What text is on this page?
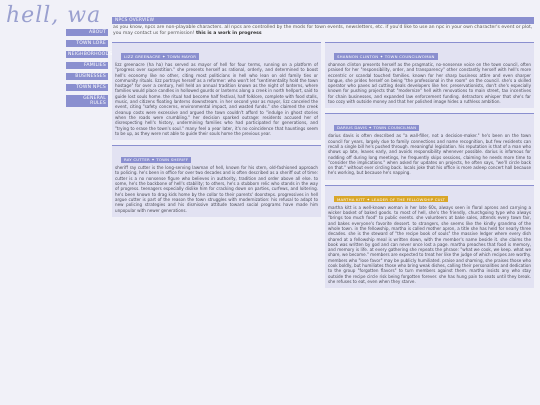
hell, wa
ABOUT
TOWN LORE
NEIGHBORHOODS
FAMILIES
BUSINESSES
TOWN NPCS
GENERAL RULES
NPCS OVERVIEW

as you know, npcs are non-playable characters. all npcs are controlled by the mods for town events, newsletters, etc. if you'd like to use an npc in your own character's event or plot, you may contact us for permission! this is a work in progress

LIZZ GREENACRE ✦ TOWN MAYOR

lizz greenacre (ha ha) has served as mayor of hell for four terms, running on a platform of "progress over superstition." she presents herself as rational, orderly, and determined to boost hell's economy like no other, citing most politicians in hell who lean on old family ties or community rituals. lizz portrays herself as a reformer: who won't let "sentimentality hold the town hostage" for over a century, hell held an annual tradition known as the night of lanterns, where families would place candles in hollowed gourds or lanterns along a creek in north hellport, said to guide lost souls home. the ritual had become half festival, half folklore, complete with food stalls, music, and citizens floating lanterns downstream. in her second year as mayor, lizz canceled the event, citing "safety concerns, environmental impact, and wasted funds." she claimed the creek cleanup costs were excessive and argued the town couldn't afford to "indulge in ghost stories when the roads were crumbling." her decision sparked outrage: residents accused her of disrespecting hell's history, undermining families who had participated for generations, and "trying to erase the town's soul." many feel a year later, it's no coincidence that hauntings seem to be up, as they were not able to guide their souls home the previous year.

RAY CUTTER ✦ TOWN SHERIFF

sheriff ray cutter is the long-serving lawman of hell, known for his stern, old-fashioned approach to policing. he's been in office for over two decades and is often described as a sheriff out of time: cutter is a no nonsense figure who believes in authority, tradition and order above all else. to some, he's the backbone of hell's stability; to others, he's a stubborn relic who stands in the way of progress. teenagers especially dislike him for cracking down on parties, curfews, and loitering. he's been known to drag kids home by the collar to their parents' doorsteps. progressives in hell argue cutter is part of the reason the town struggles with modernization: his refusal to adapt to new policing strategies and his dismissive attitude toward social programs have made him unpopular with newer generations.

SHANNON CLINTON ✦ TOWN COUNCILWOMAN

shannon clinton presents herself as the pragmatic, no-nonsense voice on the town council, often praised for her "responsibility, order, and transparency" other constantly herself with hell's more eccentric or scandal touched families. known for her sharp business attire and even sharper tongue, she prides herself on being "the professional in the room" on the council. she's a skilled operator who paves ad cutting deals developers like her. preservationists, don't she's especially known for pushing projects that "modernize" hell with renovations to main street, tax incentives for chain businesses, and expanded law enforcement funding. detractors whisper that she's far too cozy with outside money and that her polished image hides a ruthless ambition.

DARIUS DAVIS ✦ TOWN COUNCILMAN

darius davis is often described as "a wall-filler, not a decision-maker." he's been on the town council for years, largely due to family connections and name recognition, but few residents can recall a single bill he's pushed through. meaningful legislation. his reputation is that of a man who shows up late, leaves early, and avoids responsibility whenever possible. darius is infamous for nodding off during long meetings, he frequently skips sessions, claiming he needs more time to "consider the implications." when asked for updates on projects, he often says, "we'll circle back on that." without ever circling back. locals joke that his office is more asleep concert hall because he's working, but because he's napping.

MARTHA KITT ✦ LEADER OF THE FELLOWSHIP CULT

martha kitt is a well-known woman in her late 60s, always seen in floral aprons and carrying a wicker basket of baked goods. to most of hell, she's the friendly, churchgoing type who always "brings too much food" to public events. she volunteers at bake sales, attends every town fair, and bakes everyone's favorite dessert. to strangers, she seems like the kindly grandma of the whole town. in the fellowship, martha is called mother apron, a title she has held for nearly three decades. she is the steward of "the recipe book of souls" the massive ledger where every dish shared at a fellowship meal is written down, with the member's name beside it. she claims the book was written by god and can never once lost a page. martha preaches that food is memory, and memory is life. at every gathering she repeats the phrase: "what we cook, we keep. what we share, we become." members are expected to treat her like the judge of which recipes are worthy. members who "lose favor" may be publicly humiliated. praise and shaming, she praises those who cook boldly, but humiliates those who bring weak dishes, calling their personalities and dedication to the group "forgotten flavors" to turn members against them. martha insists any who stay outside the recipe circle risk being forgotten forever. she has hung pain to seats until they break. she refuses to eat, even when they starve.
